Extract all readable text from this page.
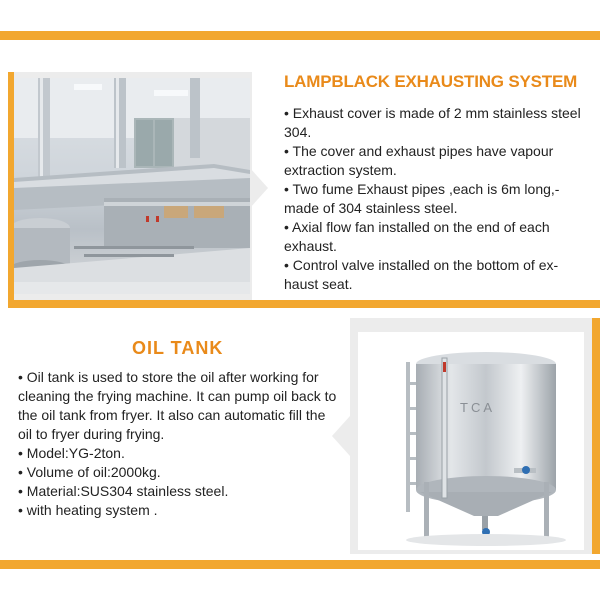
LAMPBLACK EXHAUSTING SYSTEM
• Exhaust cover is made of 2 mm stainless steel 304.
• The cover and exhaust pipes have vapour extraction system.
• Two fume Exhaust pipes ,each is 6m long,-made of 304 stainless steel.
• Axial flow fan installed on the end of each exhaust.
• Control valve installed on the bottom of ex-haust seat.
OIL TANK
• Oil tank is used to store the oil after working for cleaning the frying machine. It can pump oil back to the oil tank from fryer. It also can automatic fill the oil to fryer during frying.
• Model:YG-2ton.
• Volume of oil:2000kg.
• Material:SUS304 stainless steel.
• with heating system .
TCA
